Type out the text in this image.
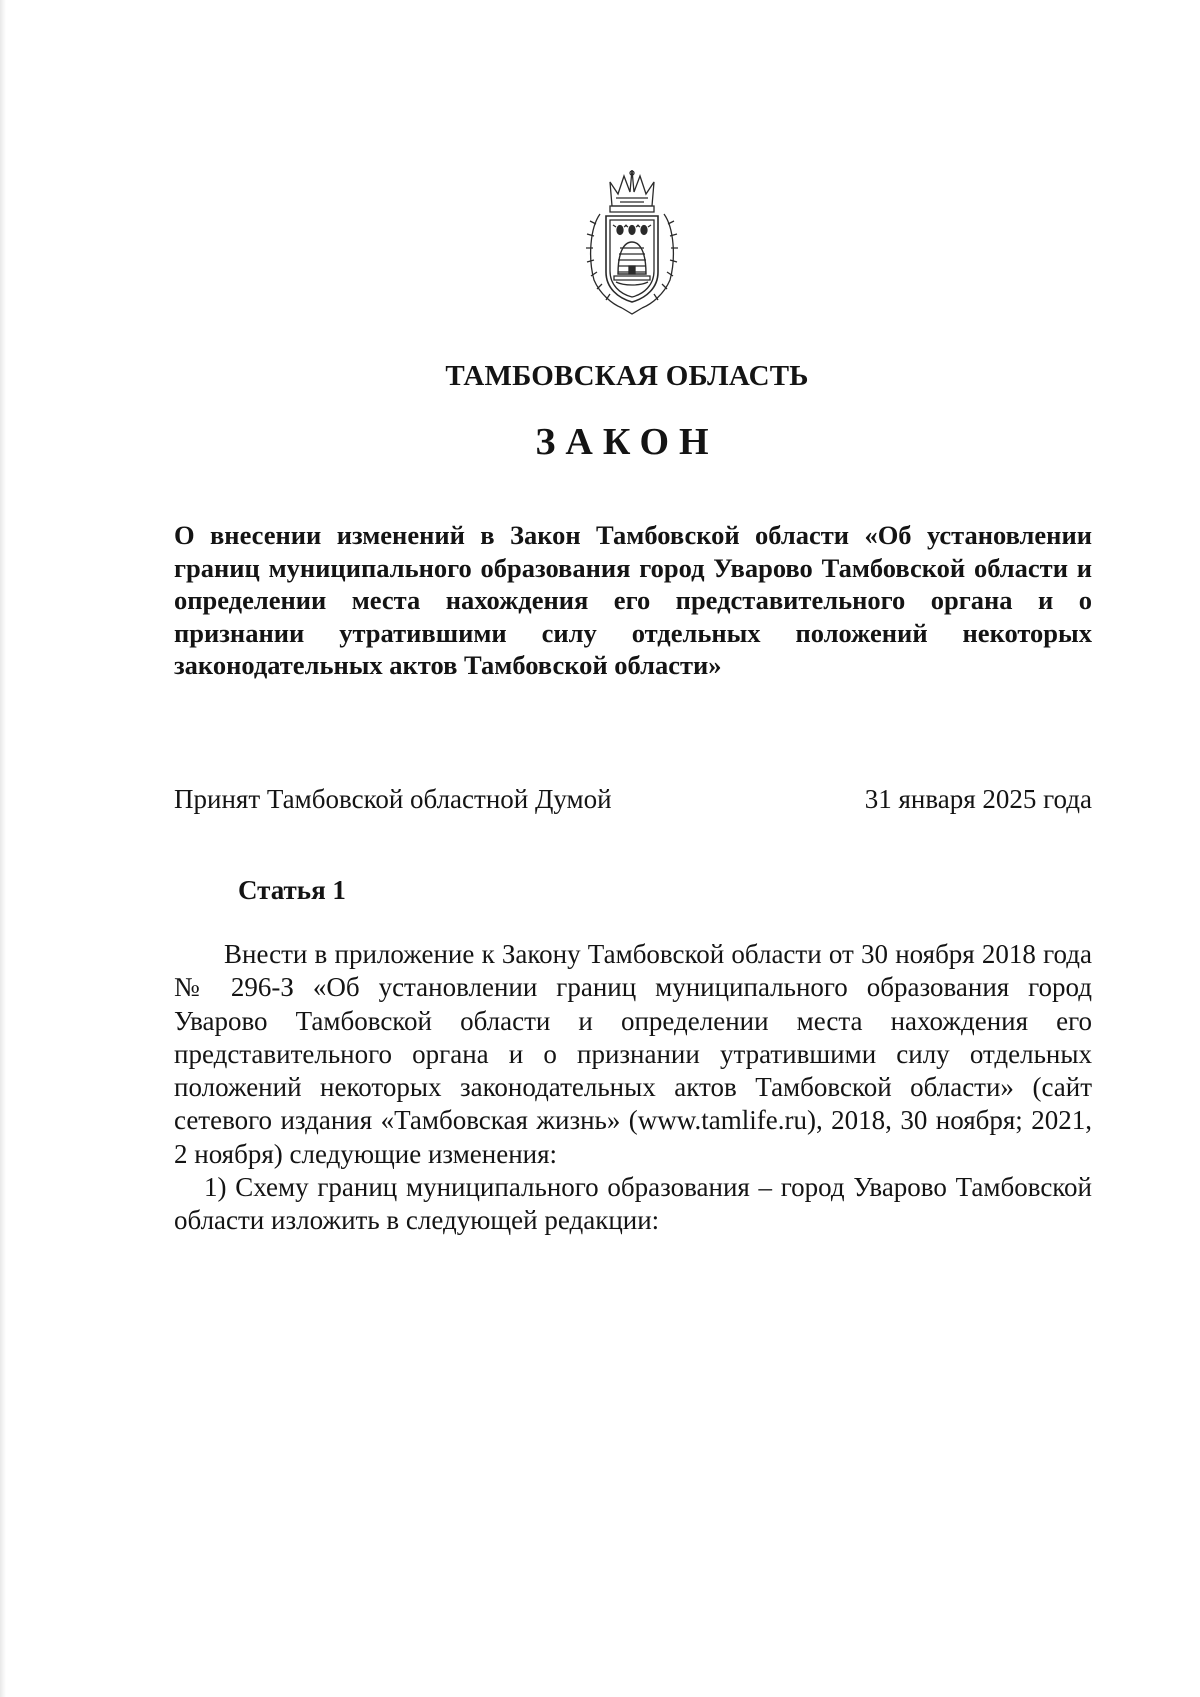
ТАМБОВСКАЯ ОБЛАСТЬ
ЗАКОН
О внесении изменений в Закон Тамбовской области «Об установлении границ муниципального образования город Уварово Тамбовской области и определении места нахождения его представительного органа и о признании утратившими силу отдельных положений некоторых законодательных актов Тамбовской области»
Принят Тамбовской областной Думой	31 января 2025 года
Статья 1

Внести в приложение к Закону Тамбовской области от 30 ноября 2018 года № 296-З «Об установлении границ муниципального образования город Уварово Тамбовской области и определении места нахождения его представительного органа и о признании утратившими силу отдельных положений некоторых законодательных актов Тамбовской области» (сайт сетевого издания «Тамбовская жизнь» (www.tamlife.ru), 2018, 30 ноября; 2021, 2 ноября) следующие изменения:

1) Схему границ муниципального образования – город Уварово Тамбовской области изложить в следующей редакции:
